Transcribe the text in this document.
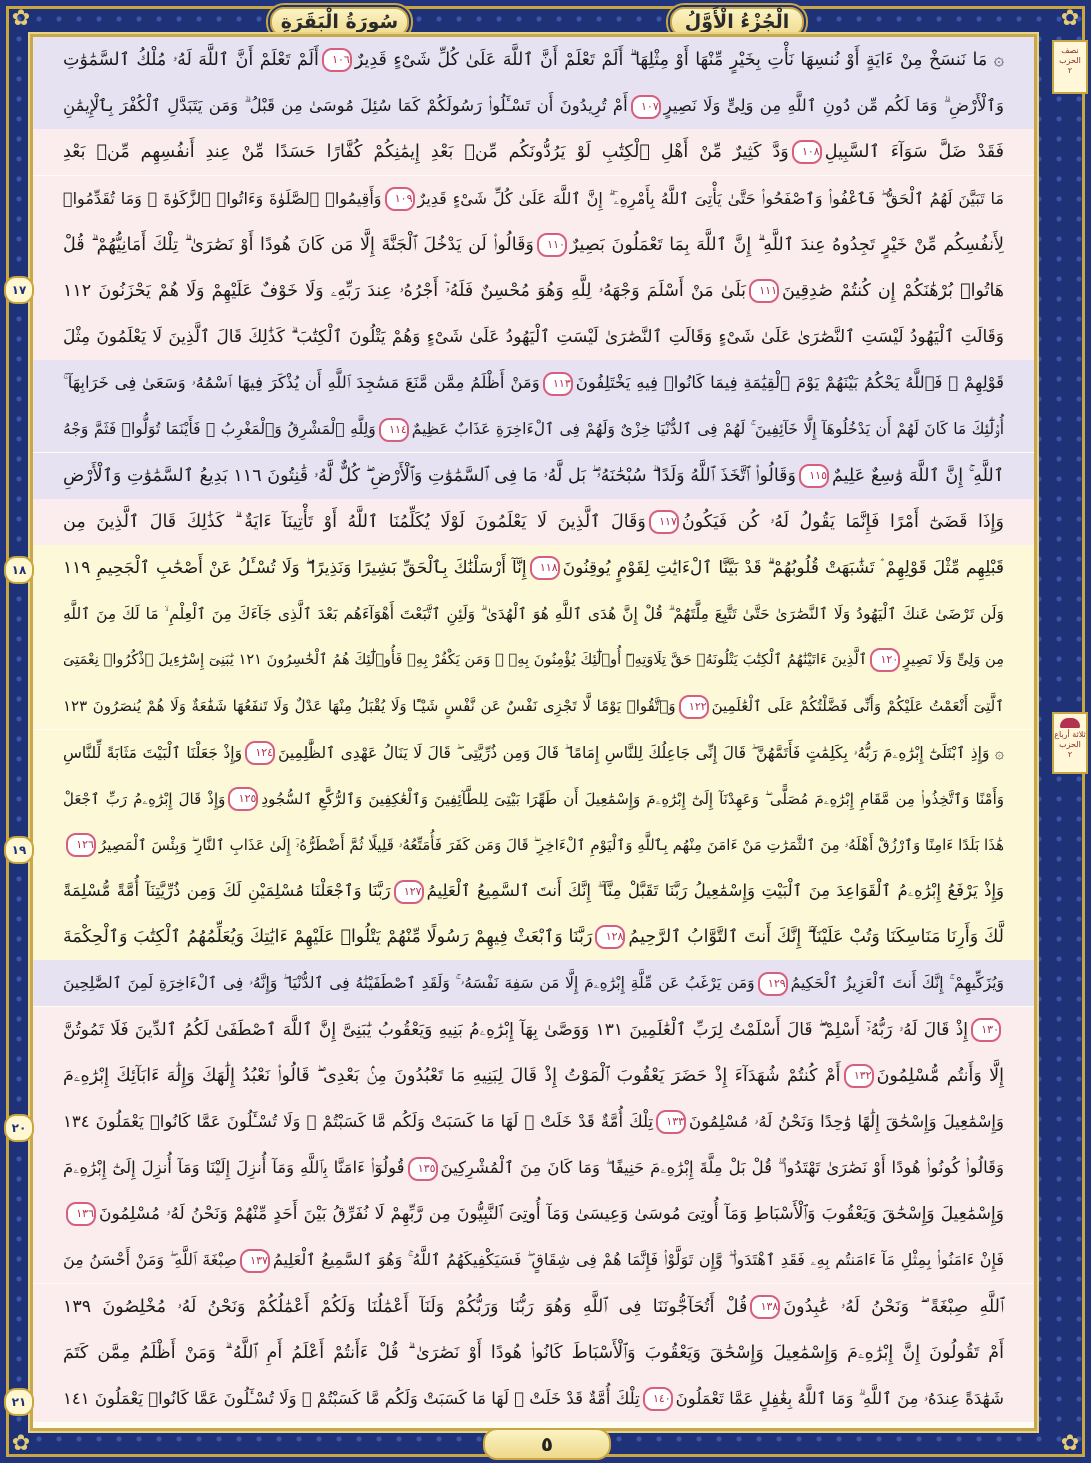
سُورَةُ الْبَقَرَةِ	الْجُزْءُ الْأَوَّلُ
۞ مَا نَنسَخْ مِنْ ءَايَةٍ أَوْ نُنسِهَا نَأْتِ بِخَيْرٍ مِّنْهَا أَوْ مِثْلِهَا ۗ أَلَمْ تَعْلَمْ أَنَّ ٱللَّهَ عَلَىٰ كُلِّ شَىْءٍ قَدِيرٌ١٠٦أَلَمْ تَعْلَمْ أَنَّ ٱللَّهَ لَهُۥ مُلْكُ ٱلسَّمَٰوَٰتِ
وَٱلْأَرْضِ ۗ وَمَا لَكُم مِّن دُونِ ٱللَّهِ مِن وَلِىٍّ وَلَا نَصِيرٍ١٠٧أَمْ تُرِيدُونَ أَن تَسْـَٔلُوا۟ رَسُولَكُمْ كَمَا سُئِلَ مُوسَىٰ مِن قَبْلُ ۗ وَمَن يَتَبَدَّلِ ٱلْكُفْرَ بِٱلْإِيمَٰنِ
فَقَدْ ضَلَّ سَوَآءَ ٱلسَّبِيلِ١٠٨وَدَّ كَثِيرٌ مِّنْ أَهْلِ ٱلْكِتَٰبِ لَوْ يَرُدُّونَكُم مِّنۢ بَعْدِ إِيمَٰنِكُمْ كُفَّارًا حَسَدًا مِّنْ عِندِ أَنفُسِهِم مِّنۢ بَعْدِ
مَا تَبَيَّنَ لَهُمُ ٱلْحَقُّ ۖ فَٱعْفُوا۟ وَٱصْفَحُوا۟ حَتَّىٰ يَأْتِىَ ٱللَّهُ بِأَمْرِهِۦٓ ۗ إِنَّ ٱللَّهَ عَلَىٰ كُلِّ شَىْءٍ قَدِيرٌ١٠٩وَأَقِيمُوا۟ ٱلصَّلَوٰةَ وَءَاتُوا۟ ٱلزَّكَوٰةَ ۚ وَمَا تُقَدِّمُوا۟
لِأَنفُسِكُم مِّنْ خَيْرٍ تَجِدُوهُ عِندَ ٱللَّهِ ۗ إِنَّ ٱللَّهَ بِمَا تَعْمَلُونَ بَصِيرٌ١١٠وَقَالُوا۟ لَن يَدْخُلَ ٱلْجَنَّةَ إِلَّا مَن كَانَ هُودًا أَوْ نَصَٰرَىٰ ۗ تِلْكَ أَمَانِيُّهُمْ ۗ قُلْ
هَاتُوا۟ بُرْهَٰنَكُمْ إِن كُنتُمْ صَٰدِقِينَ١١١بَلَىٰ مَنْ أَسْلَمَ وَجْهَهُۥ لِلَّهِ وَهُوَ مُحْسِنٌ فَلَهُۥٓ أَجْرُهُۥ عِندَ رَبِّهِۦ وَلَا خَوْفٌ عَلَيْهِمْ وَلَا هُمْ يَحْزَنُونَ ١١٢
وَقَالَتِ ٱلْيَهُودُ لَيْسَتِ ٱلنَّصَٰرَىٰ عَلَىٰ شَىْءٍ وَقَالَتِ ٱلنَّصَٰرَىٰ لَيْسَتِ ٱلْيَهُودُ عَلَىٰ شَىْءٍ وَهُمْ يَتْلُونَ ٱلْكِتَٰبَ ۗ كَذَٰلِكَ قَالَ ٱلَّذِينَ لَا يَعْلَمُونَ مِثْلَ
قَوْلِهِمْ ۚ فَٱللَّهُ يَحْكُمُ بَيْنَهُمْ يَوْمَ ٱلْقِيَٰمَةِ فِيمَا كَانُوا۟ فِيهِ يَخْتَلِفُونَ١١٣وَمَنْ أَظْلَمُ مِمَّن مَّنَعَ مَسَٰجِدَ ٱللَّهِ أَن يُذْكَرَ فِيهَا ٱسْمُهُۥ وَسَعَىٰ فِى خَرَابِهَآ ۚ
أُو۟لَٰٓئِكَ مَا كَانَ لَهُمْ أَن يَدْخُلُوهَآ إِلَّا خَآئِفِينَ ۚ لَهُمْ فِى ٱلدُّنْيَا خِزْىٌ وَلَهُمْ فِى ٱلْءَاخِرَةِ عَذَابٌ عَظِيمٌ١١٤وَلِلَّهِ ٱلْمَشْرِقُ وَٱلْمَغْرِبُ ۚ فَأَيْنَمَا تُوَلُّوا۟ فَثَمَّ وَجْهُ
ٱللَّهِ ۚ إِنَّ ٱللَّهَ وَٰسِعٌ عَلِيمٌ١١٥وَقَالُوا۟ ٱتَّخَذَ ٱللَّهُ وَلَدًا ۗ سُبْحَٰنَهُۥ ۖ بَل لَّهُۥ مَا فِى ٱلسَّمَٰوَٰتِ وَٱلْأَرْضِ ۖ كُلٌّ لَّهُۥ قَٰنِتُونَ ١١٦ بَدِيعُ ٱلسَّمَٰوَٰتِ وَٱلْأَرْضِ
وَإِذَا قَضَىٰٓ أَمْرًا فَإِنَّمَا يَقُولُ لَهُۥ كُن فَيَكُونُ١١٧وَقَالَ ٱلَّذِينَ لَا يَعْلَمُونَ لَوْلَا يُكَلِّمُنَا ٱللَّهُ أَوْ تَأْتِينَآ ءَايَةٌ ۗ كَذَٰلِكَ قَالَ ٱلَّذِينَ مِن
قَبْلِهِم مِّثْلَ قَوْلِهِمْ ۘ تَشَٰبَهَتْ قُلُوبُهُمْ ۗ قَدْ بَيَّنَّا ٱلْءَايَٰتِ لِقَوْمٍ يُوقِنُونَ١١٨إِنَّآ أَرْسَلْنَٰكَ بِٱلْحَقِّ بَشِيرًا وَنَذِيرًا ۖ وَلَا تُسْـَٔلُ عَنْ أَصْحَٰبِ ٱلْجَحِيمِ ١١٩
وَلَن تَرْضَىٰ عَنكَ ٱلْيَهُودُ وَلَا ٱلنَّصَٰرَىٰ حَتَّىٰ تَتَّبِعَ مِلَّتَهُمْ ۗ قُلْ إِنَّ هُدَى ٱللَّهِ هُوَ ٱلْهُدَىٰ ۗ وَلَئِنِ ٱتَّبَعْتَ أَهْوَآءَهُم بَعْدَ ٱلَّذِى جَآءَكَ مِنَ ٱلْعِلْمِ ۙ مَا لَكَ مِنَ ٱللَّهِ
مِن وَلِىٍّ وَلَا نَصِيرٍ١٢٠ٱلَّذِينَ ءَاتَيْنَٰهُمُ ٱلْكِتَٰبَ يَتْلُونَهُۥ حَقَّ تِلَاوَتِهِۦٓ أُو۟لَٰٓئِكَ يُؤْمِنُونَ بِهِۦ ۗ وَمَن يَكْفُرْ بِهِۦ فَأُو۟لَٰٓئِكَ هُمُ ٱلْخَٰسِرُونَ ١٢١ يَٰبَنِىٓ إِسْرَٰٓءِيلَ ٱذْكُرُوا۟ نِعْمَتِىَ
ٱلَّتِىٓ أَنْعَمْتُ عَلَيْكُمْ وَأَنِّى فَضَّلْتُكُمْ عَلَى ٱلْعَٰلَمِينَ١٢٢وَٱتَّقُوا۟ يَوْمًا لَّا تَجْزِى نَفْسٌ عَن نَّفْسٍ شَيْـًٔا وَلَا يُقْبَلُ مِنْهَا عَدْلٌ وَلَا تَنفَعُهَا شَفَٰعَةٌ وَلَا هُمْ يُنصَرُونَ ١٢٣
۞ وَإِذِ ٱبْتَلَىٰٓ إِبْرَٰهِۦمَ رَبُّهُۥ بِكَلِمَٰتٍ فَأَتَمَّهُنَّ ۖ قَالَ إِنِّى جَاعِلُكَ لِلنَّاسِ إِمَامًا ۖ قَالَ وَمِن ذُرِّيَّتِى ۖ قَالَ لَا يَنَالُ عَهْدِى ٱلظَّٰلِمِينَ١٢٤وَإِذْ جَعَلْنَا ٱلْبَيْتَ مَثَابَةً لِّلنَّاسِ
وَأَمْنًا وَٱتَّخِذُوا۟ مِن مَّقَامِ إِبْرَٰهِۦمَ مُصَلًّى ۖ وَعَهِدْنَآ إِلَىٰٓ إِبْرَٰهِۦمَ وَإِسْمَٰعِيلَ أَن طَهِّرَا بَيْتِىَ لِلطَّآئِفِينَ وَٱلْعَٰكِفِينَ وَٱلرُّكَّعِ ٱلسُّجُودِ١٢٥وَإِذْ قَالَ إِبْرَٰهِۦمُ رَبِّ ٱجْعَلْ
هَٰذَا بَلَدًا ءَامِنًا وَٱرْزُقْ أَهْلَهُۥ مِنَ ٱلثَّمَرَٰتِ مَنْ ءَامَنَ مِنْهُم بِٱللَّهِ وَٱلْيَوْمِ ٱلْءَاخِرِ ۖ قَالَ وَمَن كَفَرَ فَأُمَتِّعُهُۥ قَلِيلًا ثُمَّ أَضْطَرُّهُۥٓ إِلَىٰ عَذَابِ ٱلنَّارِ ۖ وَبِئْسَ ٱلْمَصِيرُ١٢٦
وَإِذْ يَرْفَعُ إِبْرَٰهِۦمُ ٱلْقَوَاعِدَ مِنَ ٱلْبَيْتِ وَإِسْمَٰعِيلُ رَبَّنَا تَقَبَّلْ مِنَّآ ۖ إِنَّكَ أَنتَ ٱلسَّمِيعُ ٱلْعَلِيمُ١٢٧رَبَّنَا وَٱجْعَلْنَا مُسْلِمَيْنِ لَكَ وَمِن ذُرِّيَّتِنَآ أُمَّةً مُّسْلِمَةً
لَّكَ وَأَرِنَا مَنَاسِكَنَا وَتُبْ عَلَيْنَآ ۖ إِنَّكَ أَنتَ ٱلتَّوَّابُ ٱلرَّحِيمُ١٢٨رَبَّنَا وَٱبْعَثْ فِيهِمْ رَسُولًا مِّنْهُمْ يَتْلُوا۟ عَلَيْهِمْ ءَايَٰتِكَ وَيُعَلِّمُهُمُ ٱلْكِتَٰبَ وَٱلْحِكْمَةَ
وَيُزَكِّيهِمْ ۚ إِنَّكَ أَنتَ ٱلْعَزِيزُ ٱلْحَكِيمُ١٢٩وَمَن يَرْغَبُ عَن مِّلَّةِ إِبْرَٰهِۦمَ إِلَّا مَن سَفِهَ نَفْسَهُۥ ۚ وَلَقَدِ ٱصْطَفَيْنَٰهُ فِى ٱلدُّنْيَا ۖ وَإِنَّهُۥ فِى ٱلْءَاخِرَةِ لَمِنَ ٱلصَّٰلِحِينَ
١٣٠إِذْ قَالَ لَهُۥ رَبُّهُۥٓ أَسْلِمْ ۖ قَالَ أَسْلَمْتُ لِرَبِّ ٱلْعَٰلَمِينَ ١٣١ وَوَصَّىٰ بِهَآ إِبْرَٰهِۦمُ بَنِيهِ وَيَعْقُوبُ يَٰبَنِىَّ إِنَّ ٱللَّهَ ٱصْطَفَىٰ لَكُمُ ٱلدِّينَ فَلَا تَمُوتُنَّ
إِلَّا وَأَنتُم مُّسْلِمُونَ١٣٢أَمْ كُنتُمْ شُهَدَآءَ إِذْ حَضَرَ يَعْقُوبَ ٱلْمَوْتُ إِذْ قَالَ لِبَنِيهِ مَا تَعْبُدُونَ مِنۢ بَعْدِى ۖ قَالُوا۟ نَعْبُدُ إِلَٰهَكَ وَإِلَٰهَ ءَابَآئِكَ إِبْرَٰهِۦمَ
وَإِسْمَٰعِيلَ وَإِسْحَٰقَ إِلَٰهًا وَٰحِدًا وَنَحْنُ لَهُۥ مُسْلِمُونَ١٣٣تِلْكَ أُمَّةٌ قَدْ خَلَتْ ۖ لَهَا مَا كَسَبَتْ وَلَكُم مَّا كَسَبْتُمْ ۖ وَلَا تُسْـَٔلُونَ عَمَّا كَانُوا۟ يَعْمَلُونَ ١٣٤
وَقَالُوا۟ كُونُوا۟ هُودًا أَوْ نَصَٰرَىٰ تَهْتَدُوا۟ ۗ قُلْ بَلْ مِلَّةَ إِبْرَٰهِۦمَ حَنِيفًا ۖ وَمَا كَانَ مِنَ ٱلْمُشْرِكِينَ١٣٥قُولُوٓا۟ ءَامَنَّا بِٱللَّهِ وَمَآ أُنزِلَ إِلَيْنَا وَمَآ أُنزِلَ إِلَىٰٓ إِبْرَٰهِۦمَ
وَإِسْمَٰعِيلَ وَإِسْحَٰقَ وَيَعْقُوبَ وَٱلْأَسْبَاطِ وَمَآ أُوتِىَ مُوسَىٰ وَعِيسَىٰ وَمَآ أُوتِىَ ٱلنَّبِيُّونَ مِن رَّبِّهِمْ لَا نُفَرِّقُ بَيْنَ أَحَدٍ مِّنْهُمْ وَنَحْنُ لَهُۥ مُسْلِمُونَ١٣٦
فَإِنْ ءَامَنُوا۟ بِمِثْلِ مَآ ءَامَنتُم بِهِۦ فَقَدِ ٱهْتَدَوا۟ ۖ وَّإِن تَوَلَّوْا۟ فَإِنَّمَا هُمْ فِى شِقَاقٍ ۖ فَسَيَكْفِيكَهُمُ ٱللَّهُ ۚ وَهُوَ ٱلسَّمِيعُ ٱلْعَلِيمُ١٣٧صِبْغَةَ ٱللَّهِ ۖ وَمَنْ أَحْسَنُ مِنَ
ٱللَّهِ صِبْغَةً ۖ وَنَحْنُ لَهُۥ عَٰبِدُونَ١٣٨قُلْ أَتُحَآجُّونَنَا فِى ٱللَّهِ وَهُوَ رَبُّنَا وَرَبُّكُمْ وَلَنَآ أَعْمَٰلُنَا وَلَكُمْ أَعْمَٰلُكُمْ وَنَحْنُ لَهُۥ مُخْلِصُونَ ١٣٩
أَمْ تَقُولُونَ إِنَّ إِبْرَٰهِۦمَ وَإِسْمَٰعِيلَ وَإِسْحَٰقَ وَيَعْقُوبَ وَٱلْأَسْبَاطَ كَانُوا۟ هُودًا أَوْ نَصَٰرَىٰ ۗ قُلْ ءَأَنتُمْ أَعْلَمُ أَمِ ٱللَّهُ ۗ وَمَنْ أَظْلَمُ مِمَّن كَتَمَ
شَهَٰدَةً عِندَهُۥ مِنَ ٱللَّهِ ۗ وَمَا ٱللَّهُ بِغَٰفِلٍ عَمَّا تَعْمَلُونَ١٤٠تِلْكَ أُمَّةٌ قَدْ خَلَتْ ۖ لَهَا مَا كَسَبَتْ وَلَكُم مَّا كَسَبْتُمْ ۖ وَلَا تُسْـَٔلُونَ عَمَّا كَانُوا۟ يَعْمَلُونَ ١٤١
١٧
١٨
١٩
٢٠
٢١
نصف
الحزب
٢
ثلاثة أرباع
الحزب
٢
٥
✿	✿
✿	✿
